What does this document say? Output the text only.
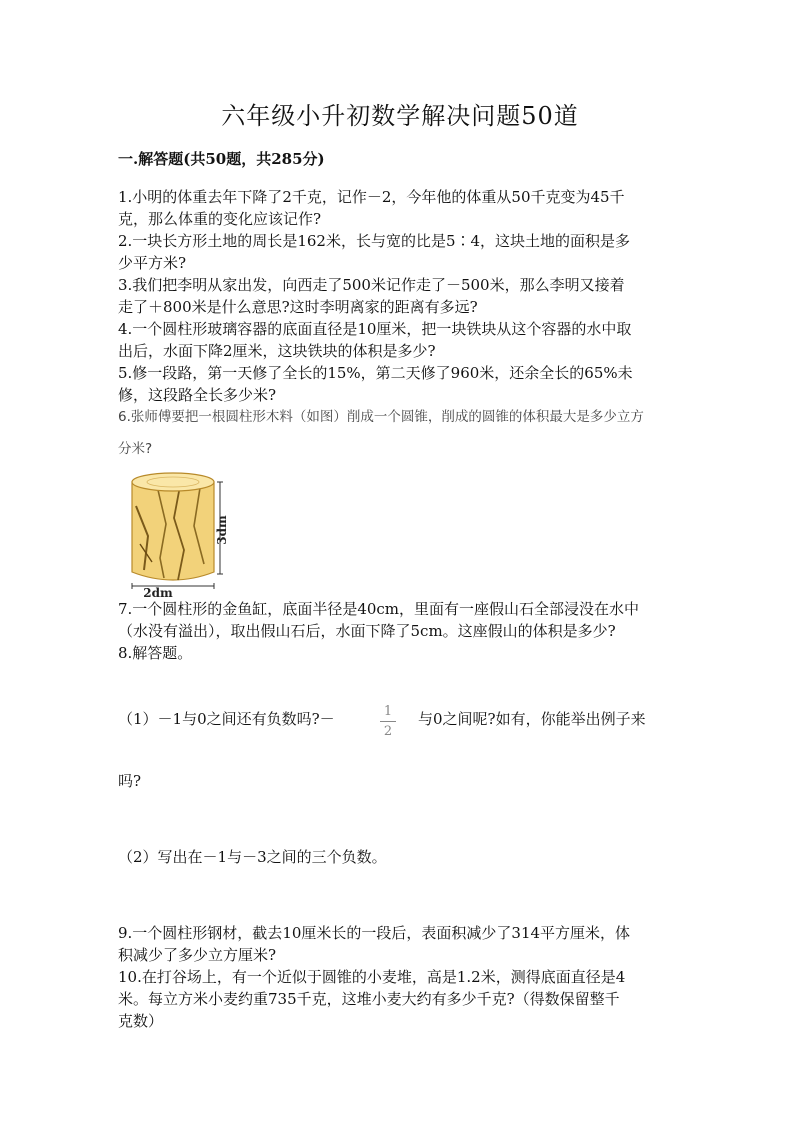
六年级小升初数学解决问题50道
一.解答题(共50题，共285分)

1.小明的体重去年下降了2千克，记作－2，今年他的体重从50千克变为45千

克，那么体重的变化应该记作?

2.一块长方形土地的周长是162米，长与宽的比是5∶4，这块土地的面积是多

少平方米?

3.我们把李明从家出发，向西走了500米记作走了－500米，那么李明又接着

走了＋800米是什么意思?这时李明离家的距离有多远?

4.一个圆柱形玻璃容器的底面直径是10厘米，把一块铁块从这个容器的水中取

出后，水面下降2厘米，这块铁块的体积是多少?

5.修一段路，第一天修了全长的15%，第二天修了960米，还余全长的65%未

修，这段路全长多少米?

6.张师傅要把一根圆柱形木料（如图）削成一个圆锥，削成的圆锥的体积最大是多少立方

分米?

3dm
2dm

7.一个圆柱形的金鱼缸，底面半径是40cm，里面有一座假山石全部浸没在水中

（水没有溢出），取出假山石后，水面下降了5cm。这座假山的体积是多少?

8.解答题。

（1）－1与0之间还有负数吗?－	1
2

与0之间呢?如有，你能举出例子来

吗?

（2）写出在－1与－3之间的三个负数。

9.一个圆柱形钢材，截去10厘米长的一段后，表面积减少了314平方厘米，体

积减少了多少立方厘米?

10.在打谷场上，有一个近似于圆锥的小麦堆，高是1.2米，测得底面直径是4

米。每立方米小麦约重735千克，这堆小麦大约有多少千克?（得数保留整千

克数）
